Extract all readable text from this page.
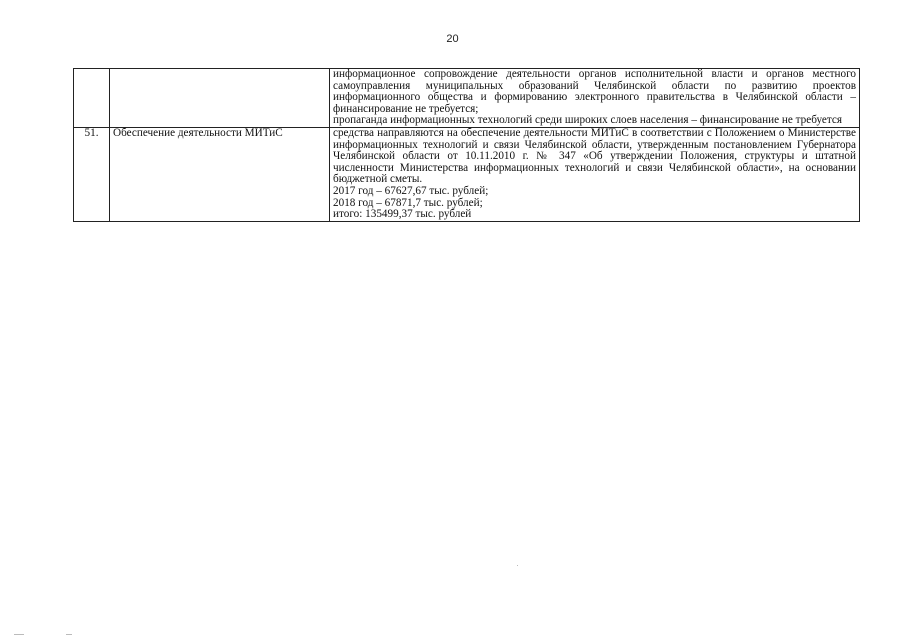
20

		информационное сопровождение деятельности органов исполнительной власти и органов местного самоуправления муниципальных образований Челябинской области по развитию проектов информационного общества и формированию электронного правительства в Челябинской области – финансирование не требуется;
пропаганда информационных технологий среди широких слоев населения – финансирование не требуется

51.	Обеспечение деятельности МИТиС	средства направляются на обеспечение деятельности МИТиС в соответствии с Положением о Министерстве информационных технологий и связи Челябинской области, утвержденным постановлением Губернатора Челябинской области от 10.11.2010 г. № 347 «Об утверждении Положения, структуры и штатной численности Министерства информационных технологий и связи Челябинской области», на основании бюджетной сметы.
2017 год – 67627,67 тыс. рублей;
2018 год – 67871,7 тыс. рублей;
итого: 135499,37 тыс. рублей
